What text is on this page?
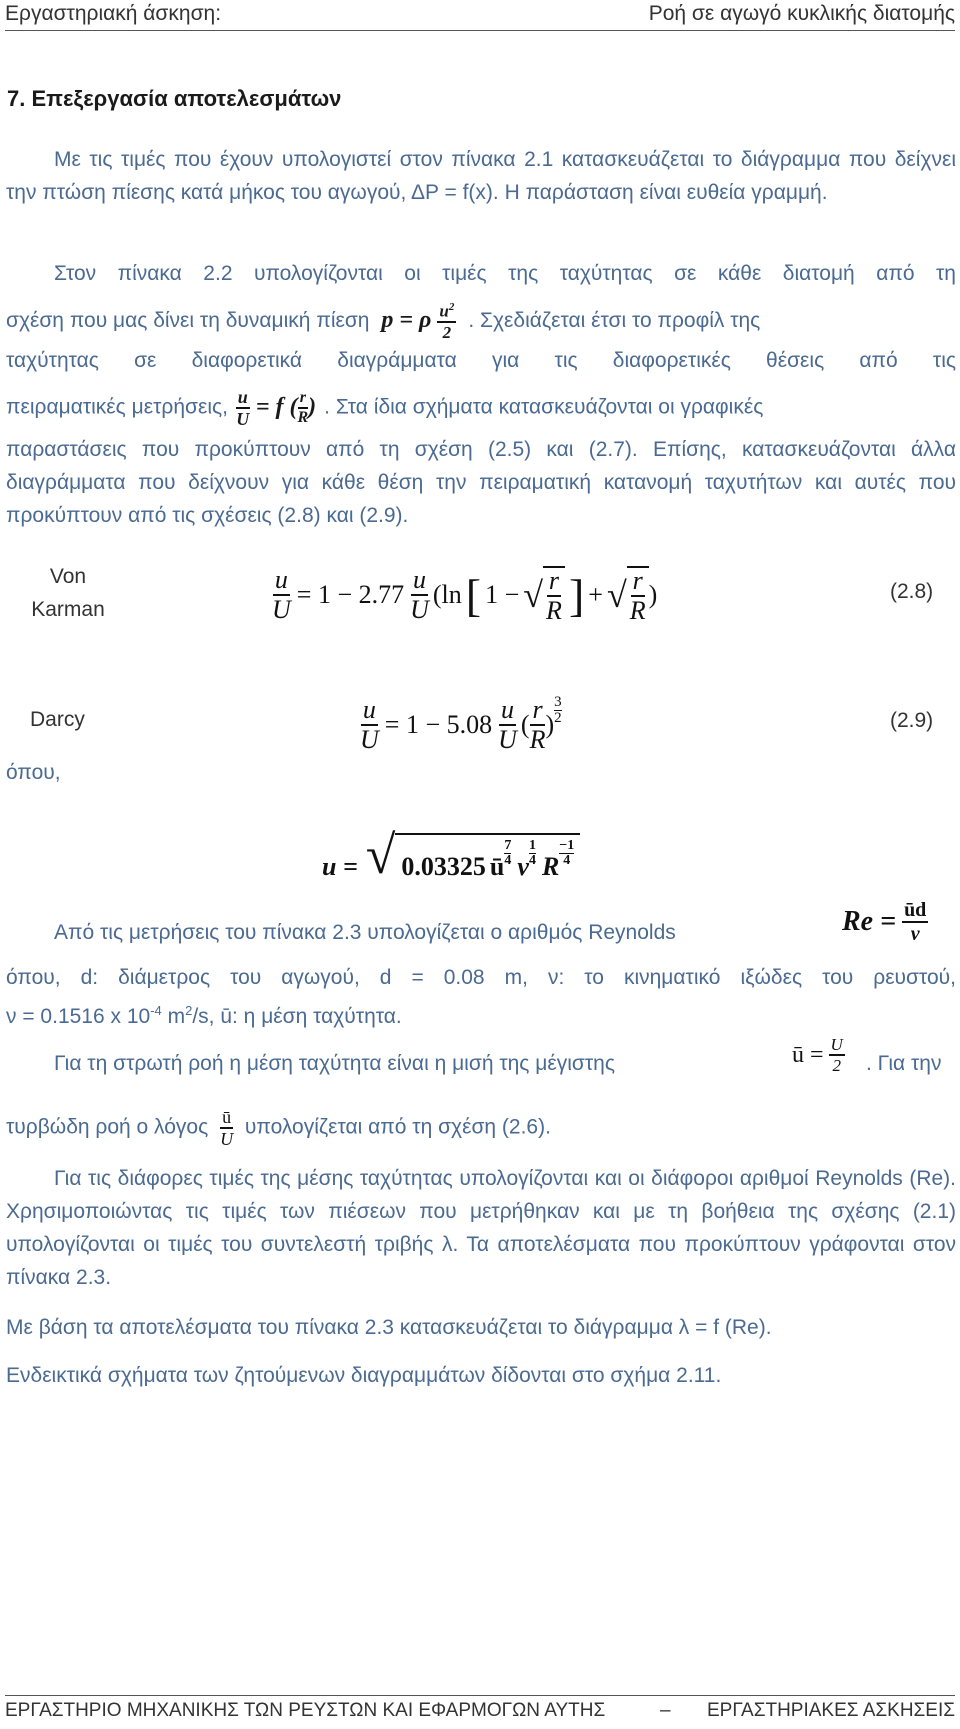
Εργαστηριακή άσκηση:	Ροή σε αγωγό κυκλικής διατομής
7. Επεξεργασία αποτελεσμάτων
Με τις τιμές που έχουν υπολογιστεί στον πίνακα 2.1 κατασκευάζεται το διάγραμμα που δείχνει την πτώση πίεσης κατά μήκος του αγωγού, ΔP = f(x). Η παράσταση είναι ευθεία γραμμή.
Στον πίνακα 2.2 υπολογίζονται οι τιμές της ταχύτητας σε κάθε διατομή από τη
σχέση που μας δίνει τη δυναμική πίεση p = ρ $\frac{u^2}{2}$ . Σχεδιάζεται έτσι το προφίλ της
ταχύτητας σε διαφορετικά διαγράμματα για τις διαφορετικές θέσεις από τις
πειραματικές μετρήσεις, $\frac{u}{U} = f$ ( $\frac{r}{R}$ ) . Στα ίδια σχήματα κατασκευάζονται οι γραφικές
παραστάσεις που προκύπτουν από τη σχέση (2.5) και (2.7). Επίσης, κατασκευάζονται άλλα διαγράμματα που δείχνουν για κάθε θέση την πειραματική κατανομή ταχυτήτων και αυτές που προκύπτουν από τις σχέσεις (2.8) και (2.9).
Von
Karman	$\frac{u}{U} = 1 - 2.77 \frac{u}{U} (\ln$ [ 1 − √ $\frac{r}{R}$ ] + √ $\frac{r}{R}$ )	(2.8)
Darcy	$\frac{u}{U} = 1 - 5.08 \frac{u}{U}$ ( $\frac{r}{R}$ )
$^{3 2}$	(2.9)
όπου,
u = √ 0.03325 ū
$^{7 4}$ v
$^{1 4}$ R
$^{-1 4}$
Από τις μετρήσεις του πίνακα 2.3 υπολογίζεται ο αριθμός Reynolds	$Re = \frac{ūd}{v}$
όπου, d: διάμετρος του αγωγού, d = 0.08 m, ν: το κινηματικό ιξώδες του ρευστού,
ν = 0.1516 x $10^{-4}$ $m^2/s$, ū: η μέση ταχύτητα.
Για τη στρωτή ροή η μέση ταχύτητα είναι η μισή της μέγιστης	ū = $\frac{U}{2}$ . Για την
τυρβώδη ροή ο λόγος $\frac{ū}{U}$ υπολογίζεται από τη σχέση (2.6).
Για τις διάφορες τιμές της μέσης ταχύτητας υπολογίζονται και οι διάφοροι αριθμοί Reynolds (Re). Χρησιμοποιώντας τις τιμές των πιέσεων που μετρήθηκαν και με τη βοήθεια της σχέσης (2.1) υπολογίζονται οι τιμές του συντελεστή τριβής λ. Τα αποτελέσματα που προκύπτουν γράφονται στον πίνακα 2.3.
Με βάση τα αποτελέσματα του πίνακα 2.3 κατασκευάζεται το διάγραμμα λ = f (Re).
Ενδεικτικά σχήματα των ζητούμενων διαγραμμάτων δίδονται στο σχήμα 2.11.
ΕΡΓΑΣΤΗΡΙΟ ΜΗΧΑΝΙΚΗΣ ΤΩΝ ΡΕΥΣΤΩΝ ΚΑΙ ΕΦΑΡΜΟΓΩΝ ΑΥΤΗΣ	– ΕΡΓΑΣΤΗΡΙΑΚΕΣ ΑΣΚΗΣΕΙΣ
